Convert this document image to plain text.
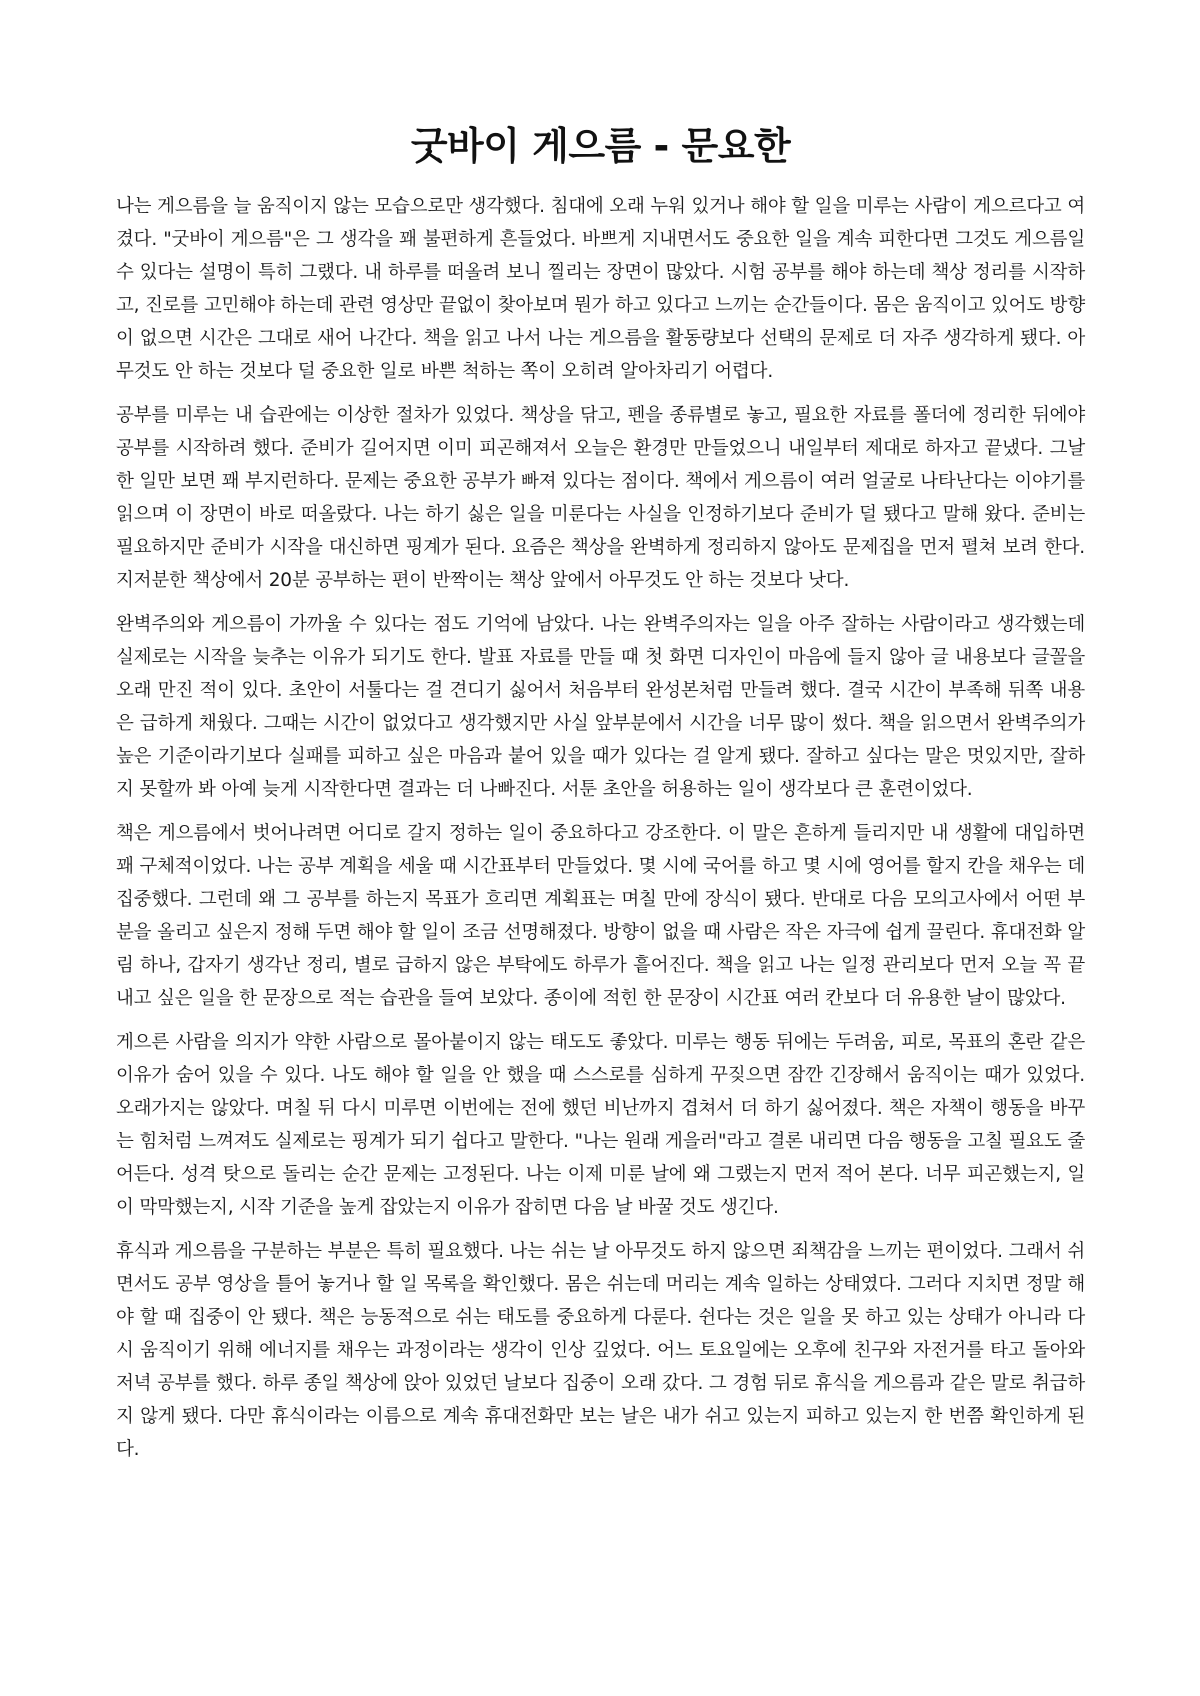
굿바이 게으름 - 문요한

나는 게으름을 늘 움직이지 않는 모습으로만 생각했다. 침대에 오래 누워 있거나 해야 할 일을 미루는 사람이 게으르다고 여겼다. "굿바이 게으름"은 그 생각을 꽤 불편하게 흔들었다. 바쁘게 지내면서도 중요한 일을 계속 피한다면 그것도 게으름일 수 있다는 설명이 특히 그랬다. 내 하루를 떠올려 보니 찔리는 장면이 많았다. 시험 공부를 해야 하는데 책상 정리를 시작하고, 진로를 고민해야 하는데 관련 영상만 끝없이 찾아보며 뭔가 하고 있다고 느끼는 순간들이다. 몸은 움직이고 있어도 방향이 없으면 시간은 그대로 새어 나간다. 책을 읽고 나서 나는 게으름을 활동량보다 선택의 문제로 더 자주 생각하게 됐다. 아무것도 안 하는 것보다 덜 중요한 일로 바쁜 척하는 쪽이 오히려 알아차리기 어렵다.

공부를 미루는 내 습관에는 이상한 절차가 있었다. 책상을 닦고, 펜을 종류별로 놓고, 필요한 자료를 폴더에 정리한 뒤에야 공부를 시작하려 했다. 준비가 길어지면 이미 피곤해져서 오늘은 환경만 만들었으니 내일부터 제대로 하자고 끝냈다. 그날 한 일만 보면 꽤 부지런하다. 문제는 중요한 공부가 빠져 있다는 점이다. 책에서 게으름이 여러 얼굴로 나타난다는 이야기를 읽으며 이 장면이 바로 떠올랐다. 나는 하기 싫은 일을 미룬다는 사실을 인정하기보다 준비가 덜 됐다고 말해 왔다. 준비는 필요하지만 준비가 시작을 대신하면 핑계가 된다. 요즘은 책상을 완벽하게 정리하지 않아도 문제집을 먼저 펼쳐 보려 한다. 지저분한 책상에서 20분 공부하는 편이 반짝이는 책상 앞에서 아무것도 안 하는 것보다 낫다.

완벽주의와 게으름이 가까울 수 있다는 점도 기억에 남았다. 나는 완벽주의자는 일을 아주 잘하는 사람이라고 생각했는데 실제로는 시작을 늦추는 이유가 되기도 한다. 발표 자료를 만들 때 첫 화면 디자인이 마음에 들지 않아 글 내용보다 글꼴을 오래 만진 적이 있다. 초안이 서툴다는 걸 견디기 싫어서 처음부터 완성본처럼 만들려 했다. 결국 시간이 부족해 뒤쪽 내용은 급하게 채웠다. 그때는 시간이 없었다고 생각했지만 사실 앞부분에서 시간을 너무 많이 썼다. 책을 읽으면서 완벽주의가 높은 기준이라기보다 실패를 피하고 싶은 마음과 붙어 있을 때가 있다는 걸 알게 됐다. 잘하고 싶다는 말은 멋있지만, 잘하지 못할까 봐 아예 늦게 시작한다면 결과는 더 나빠진다. 서툰 초안을 허용하는 일이 생각보다 큰 훈련이었다.

책은 게으름에서 벗어나려면 어디로 갈지 정하는 일이 중요하다고 강조한다. 이 말은 흔하게 들리지만 내 생활에 대입하면 꽤 구체적이었다. 나는 공부 계획을 세울 때 시간표부터 만들었다. 몇 시에 국어를 하고 몇 시에 영어를 할지 칸을 채우는 데 집중했다. 그런데 왜 그 공부를 하는지 목표가 흐리면 계획표는 며칠 만에 장식이 됐다. 반대로 다음 모의고사에서 어떤 부분을 올리고 싶은지 정해 두면 해야 할 일이 조금 선명해졌다. 방향이 없을 때 사람은 작은 자극에 쉽게 끌린다. 휴대전화 알림 하나, 갑자기 생각난 정리, 별로 급하지 않은 부탁에도 하루가 흩어진다. 책을 읽고 나는 일정 관리보다 먼저 오늘 꼭 끝내고 싶은 일을 한 문장으로 적는 습관을 들여 보았다. 종이에 적힌 한 문장이 시간표 여러 칸보다 더 유용한 날이 많았다.

게으른 사람을 의지가 약한 사람으로 몰아붙이지 않는 태도도 좋았다. 미루는 행동 뒤에는 두려움, 피로, 목표의 혼란 같은 이유가 숨어 있을 수 있다. 나도 해야 할 일을 안 했을 때 스스로를 심하게 꾸짖으면 잠깐 긴장해서 움직이는 때가 있었다. 오래가지는 않았다. 며칠 뒤 다시 미루면 이번에는 전에 했던 비난까지 겹쳐서 더 하기 싫어졌다. 책은 자책이 행동을 바꾸는 힘처럼 느껴져도 실제로는 핑계가 되기 쉽다고 말한다. "나는 원래 게을러"라고 결론 내리면 다음 행동을 고칠 필요도 줄어든다. 성격 탓으로 돌리는 순간 문제는 고정된다. 나는 이제 미룬 날에 왜 그랬는지 먼저 적어 본다. 너무 피곤했는지, 일이 막막했는지, 시작 기준을 높게 잡았는지 이유가 잡히면 다음 날 바꿀 것도 생긴다.

휴식과 게으름을 구분하는 부분은 특히 필요했다. 나는 쉬는 날 아무것도 하지 않으면 죄책감을 느끼는 편이었다. 그래서 쉬면서도 공부 영상을 틀어 놓거나 할 일 목록을 확인했다. 몸은 쉬는데 머리는 계속 일하는 상태였다. 그러다 지치면 정말 해야 할 때 집중이 안 됐다. 책은 능동적으로 쉬는 태도를 중요하게 다룬다. 쉰다는 것은 일을 못 하고 있는 상태가 아니라 다시 움직이기 위해 에너지를 채우는 과정이라는 생각이 인상 깊었다. 어느 토요일에는 오후에 친구와 자전거를 타고 돌아와 저녁 공부를 했다. 하루 종일 책상에 앉아 있었던 날보다 집중이 오래 갔다. 그 경험 뒤로 휴식을 게으름과 같은 말로 취급하지 않게 됐다. 다만 휴식이라는 이름으로 계속 휴대전화만 보는 날은 내가 쉬고 있는지 피하고 있는지 한 번쯤 확인하게 된다.
